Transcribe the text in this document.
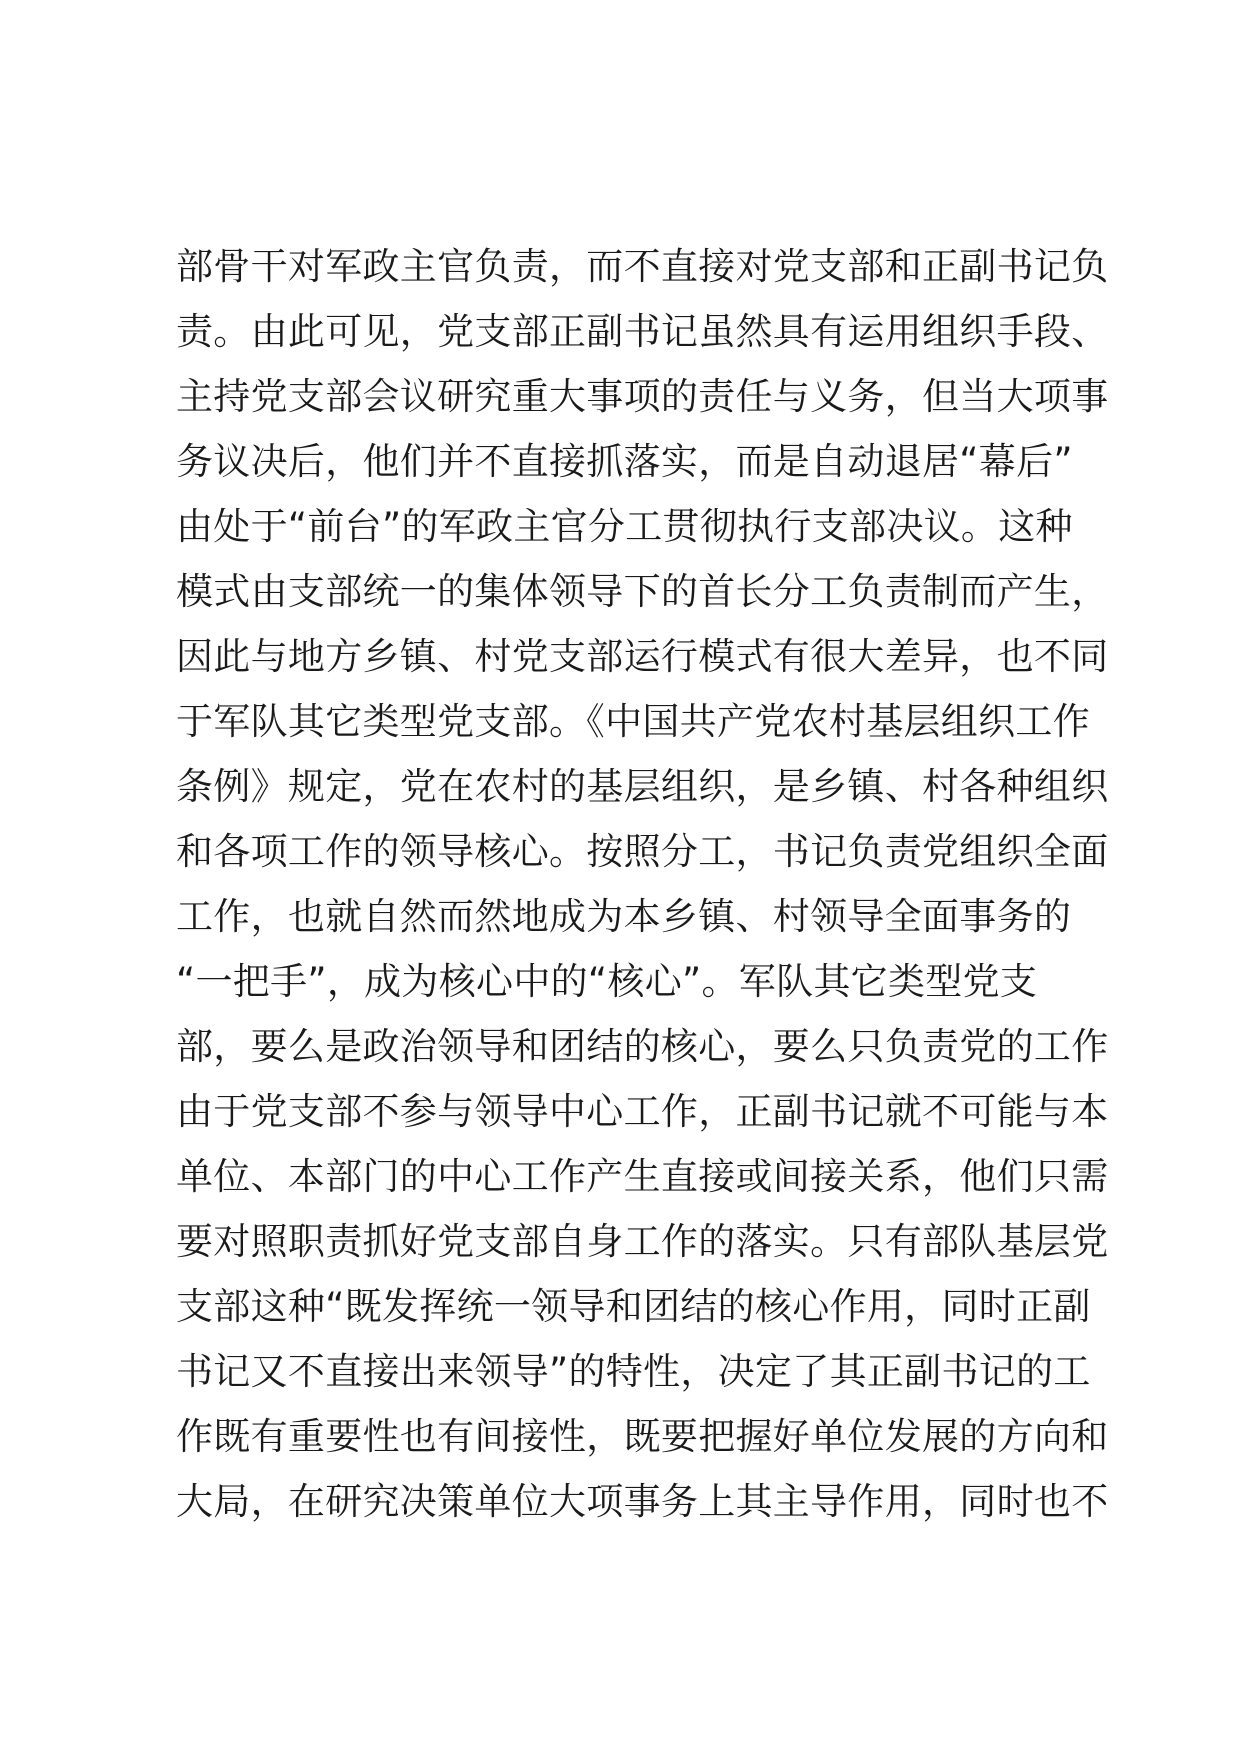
部骨干对军政主官负责，而不直接对党支部和正副书记负
责。由此可见，党支部正副书记虽然具有运用组织手段、
主持党支部会议研究重大事项的责任与义务，但当大项事
务议决后，他们并不直接抓落实，而是自动退居“幕后”
由处于“前台”的军政主官分工贯彻执行支部决议。这种
模式由支部统一的集体领导下的首长分工负责制而产生，
因此与地方乡镇、村党支部运行模式有很大差异，也不同
于军队其它类型党支部。《中国共产党农村基层组织工作
条例》规定，党在农村的基层组织，是乡镇、村各种组织
和各项工作的领导核心。按照分工，书记负责党组织全面
工作，也就自然而然地成为本乡镇、村领导全面事务的
“一把手”，成为核心中的“核心”。军队其它类型党支
部，要么是政治领导和团结的核心，要么只负责党的工作
由于党支部不参与领导中心工作，正副书记就不可能与本
单位、本部门的中心工作产生直接或间接关系，他们只需
要对照职责抓好党支部自身工作的落实。只有部队基层党
支部这种“既发挥统一领导和团结的核心作用，同时正副
书记又不直接出来领导”的特性，决定了其正副书记的工
作既有重要性也有间接性，既要把握好单位发展的方向和
大局，在研究决策单位大项事务上其主导作用，同时也不
